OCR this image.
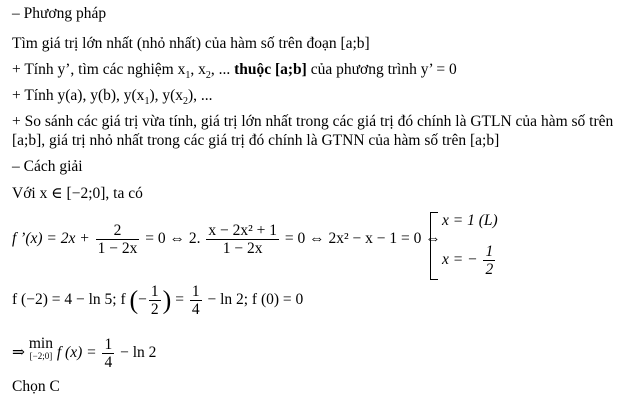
– Phương pháp
Tìm giá trị lớn nhất (nhỏ nhất) của hàm số trên đoạn [a;b]
+ Tính y’, tìm các nghiệm $x_1$, $x_2$, ... thuộc [a;b] của phương trình y’ = 0
+ Tính y(a), y(b), $y(x_1)$, $y(x_2)$, ...
+ So sánh các giá trị vừa tính, giá trị lớn nhất trong các giá trị đó chính là GTLN của hàm số trên
[a;b], giá trị nhỏ nhất trong các giá trị đó chính là GTNN của hàm số trên [a;b]
– Cách giải
Với x ∈ [−2;0], ta có
f ’(x) = $2x + \frac{2}{1 - 2x} = 0$ ⇔ 2. $\frac{\text{x − 2x² + 1}}{1 - 2x} = 0$ ⇔ 2x² − x − 1 = 0 ⇔
x = 1 (L)
x = − $\frac{1}{2}$
f (−2) = 4 − ln 5; f (− $\frac{1}{2}$ ) = $\frac{1}{4} - \ln 2$; f (0) = 0
⇒
min
[−2;0] f $(x) = \frac{1}{4} - \ln 2$
Chọn C
